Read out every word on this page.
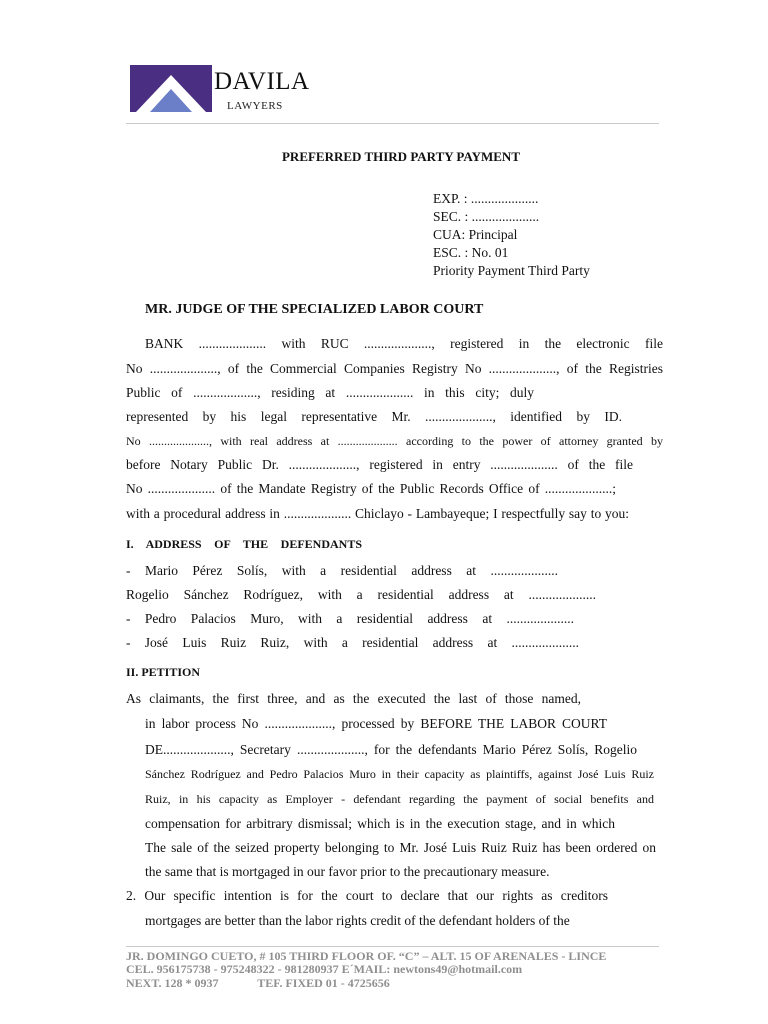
DAVILA
LAWYERS
PREFERRED THIRD PARTY PAYMENT
EXP. : ....................
SEC. : ....................
CUA: Principal
ESC. : No. 01
Priority Payment Third Party
MR. JUDGE OF THE SPECIALIZED LABOR COURT
BANK .................... with RUC ...................., registered in the electronic file
No ...................., of the Commercial Companies Registry No ...................., of the Registries
Public of ..................., residing at .................... in this city; duly
represented by his legal representative Mr. ...................., identified by ID.
No ...................., with real address at .................... according to the power of attorney granted by
before Notary Public Dr. ...................., registered in entry .................... of the file
No .................... of the Mandate Registry of the Public Records Office of ....................;
with a procedural address in .................... Chiclayo - Lambayeque; I respectfully say to you:
I. ADDRESS OF THE DEFENDANTS
- Mario Pérez Solís, with a residential address at ....................
Rogelio Sánchez Rodríguez, with a residential address at ....................
- Pedro Palacios Muro, with a residential address at ....................
- José Luis Ruiz Ruiz, with a residential address at ....................
II. PETITION
As claimants, the first three, and as the executed the last of those named,
in labor process No ...................., processed by BEFORE THE LABOR COURT
DE...................., Secretary ...................., for the defendants Mario Pérez Solís, Rogelio
Sánchez Rodríguez and Pedro Palacios Muro in their capacity as plaintiffs, against José Luis Ruiz
Ruiz, in his capacity as Employer - defendant regarding the payment of social benefits and
compensation for arbitrary dismissal; which is in the execution stage, and in which
The sale of the seized property belonging to Mr. José Luis Ruiz Ruiz has been ordered on
the same that is mortgaged in our favor prior to the precautionary measure.
2. Our specific intention is for the court to declare that our rights as creditors
mortgages are better than the labor rights credit of the defendant holders of the
JR. DOMINGO CUETO, # 105 THIRD FLOOR OF. “C” – ALT. 15 OF ARENALES - LINCE
CEL. 956175738 - 975248322 - 981280937 E´MAIL: newtons49@hotmail.com
NEXT. 128 * 0937             TEF. FIXED 01 - 4725656
